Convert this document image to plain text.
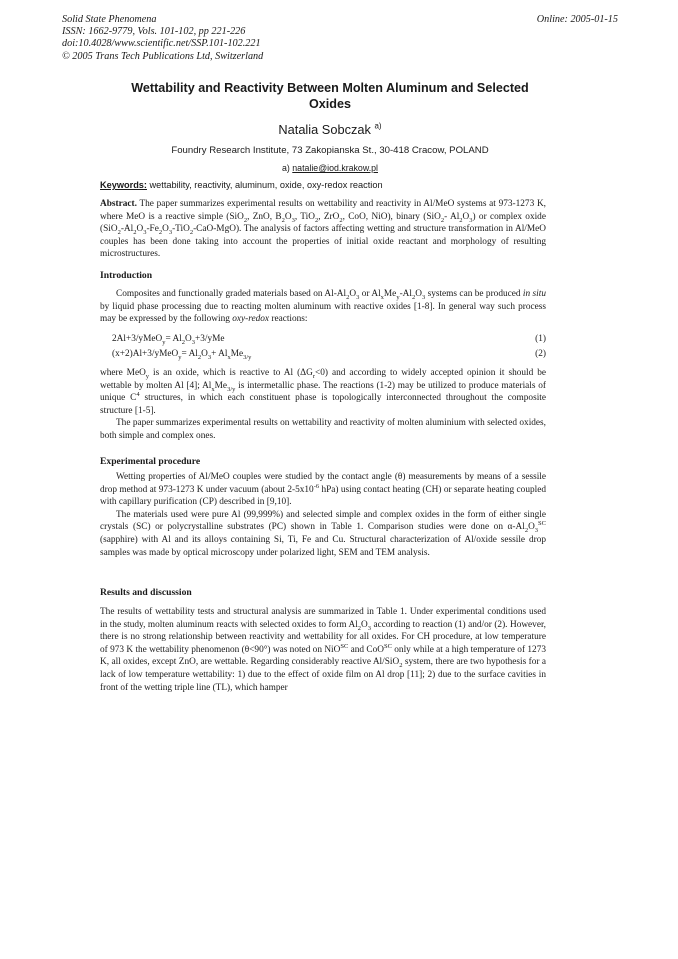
Solid State Phenomena
ISSN: 1662-9779, Vols. 101-102, pp 221-226
doi:10.4028/www.scientific.net/SSP.101-102.221
© 2005 Trans Tech Publications Ltd, Switzerland
Online: 2005-01-15
Wettability and Reactivity Between Molten Aluminum and Selected
Oxides
Natalia Sobczak $^{a)}$
Foundry Research Institute, 73 Zakopianska St., 30-418 Cracow, POLAND
a) natalie@iod.krakow.pl
Keywords: wettability, reactivity, aluminum, oxide, oxy-redox reaction

Abstract. The paper summarizes experimental results on wettability and reactivity in Al/MeO systems at 973-1273 K, where MeO is a reactive simple (SiO$_2$, ZnO, $B_2O_3$, TiO$_2$, ZrO$_2$, CoO, NiO), binary (SiO$_2$- $Al_2O_3$) or complex oxide $(SiO_2-Al_2O_3-Fe_2O_3-TiO_2-CaO-MgO)$. The analysis of factors affecting wetting and structure transformation in Al/MeO couples has been done taking into account the properties of initial oxide reactant and morphology of resulting microstructures.

Introduction

Composites and functionally graded materials based on $Al-Al_2O_3$ or $Al_xMe_y-Al_2O_3$ systems can be produced in situ by liquid phase processing due to reacting molten aluminum with reactive oxides [1-8]. In general way such process may be expressed by the following oxy-redox reactions:

2Al+3/yMeO$_y$= $Al_2O_3+3$/yMe	(1)
(x+2)Al+3/yMeO$_y$= $Al_2O_3+ Al_xMe_{3/y}$	(2)

where MeO$_y$ is an oxide, which is reactive to Al $(\Delta G_r<0)$ and according to widely accepted opinion it should be wettable by molten Al [4]; $Al_xMe_{3/y}$ is intermetallic phase. The reactions (1-2) may be utilized to produce materials of unique $C^4$ structures, in which each constituent phase is topologically interconnected throughout the composite structure [1-5].

The paper summarizes experimental results on wettability and reactivity of molten aluminium with selected oxides, both simple and complex ones.

Experimental procedure

Wetting properties of Al/MeO couples were studied by the contact angle (θ) measurements by means of a sessile drop method at 973-1273 K under vacuum (about $2-5x10^{-6}$ hPa) using contact heating (CH) or separate heating coupled with capillary purification (CP) described in [9,10].

The materials used were pure Al (99,999%) and selected simple and complex oxides in the form of either single crystals (SC) or polycrystalline substrates (PC) shown in Table 1. Comparison studies were done on $\alpha-Al_2O_3^{SC}$ (sapphire) with Al and its alloys containing Si, Ti, Fe and Cu. Structural characterization of Al/oxide sessile drop samples was made by optical microscopy under polarized light, SEM and TEM analysis.

Results and discussion

The results of wettability tests and structural analysis are summarized in Table 1. Under experimental conditions used in the study, molten aluminum reacts with selected oxides to form $Al_2O_3$ according to reaction (1) and/or (2). However, there is no strong relationship between reactivity and wettability for all oxides. For CH procedure, at low temperature of 973 K the wettability phenomenon (θ<90°) was noted on NiO$^{SC}$ and CoO$^{SC}$ only while at a high temperature of 1273 K, all oxides, except ZnO, are wettable. Regarding considerably reactive Al/SiO$_2$ system, there are two hypothesis for a lack of low temperature wettability: 1) due to the effect of oxide film on Al drop [11]; 2) due to the surface cavities in front of the wetting triple line (TL), which hamper
